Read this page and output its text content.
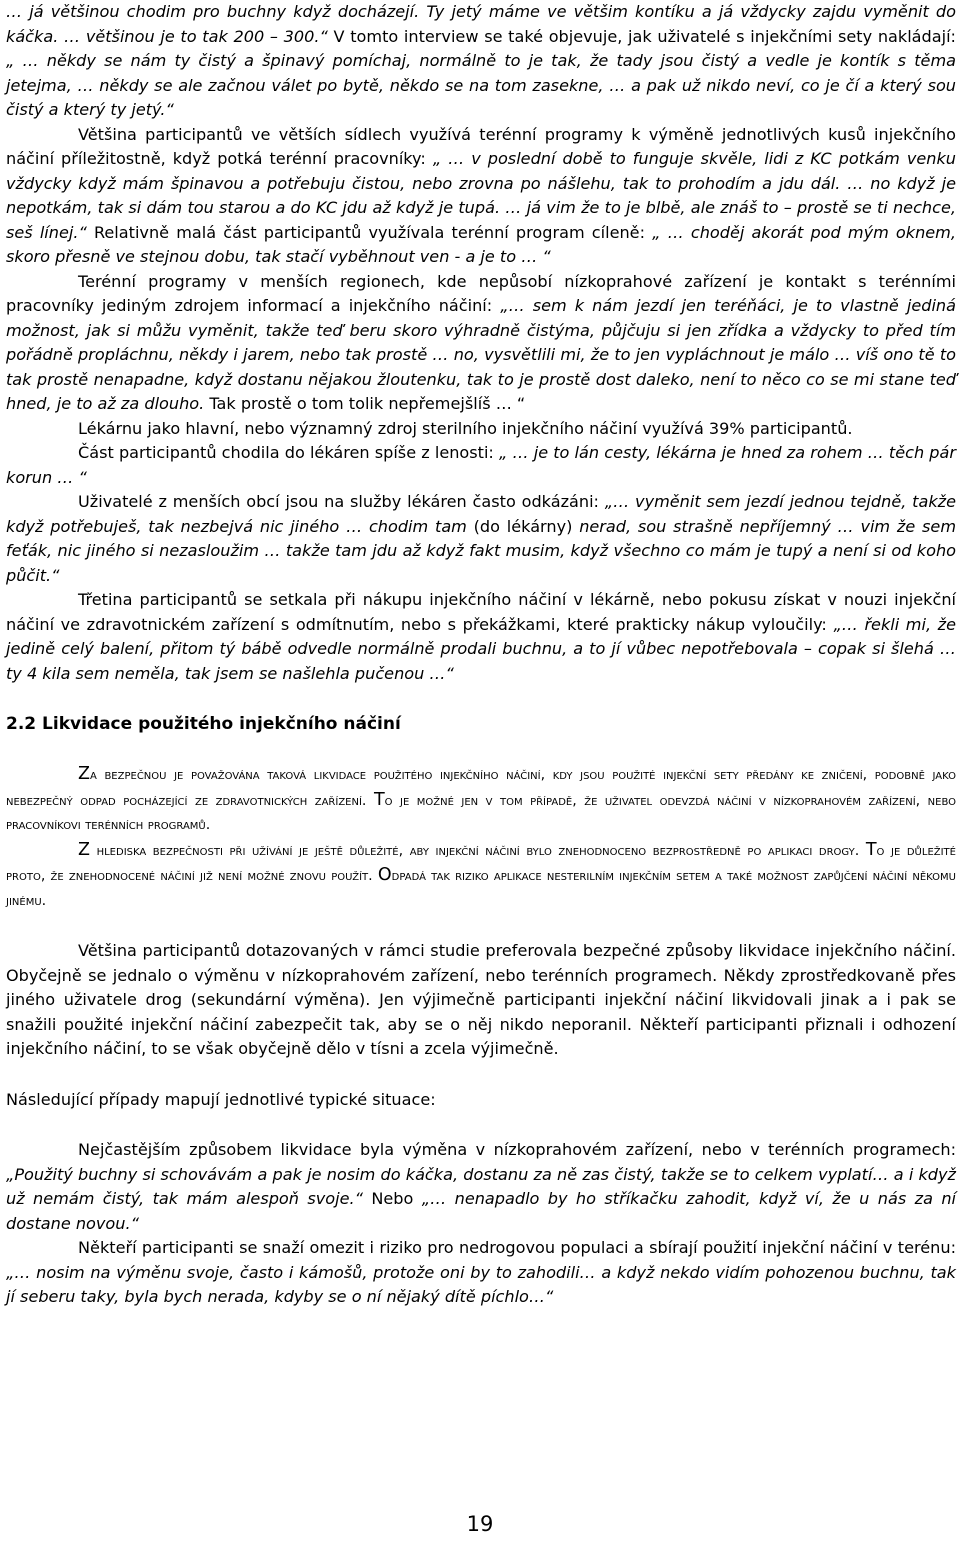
… já většinou chodim pro buchny když docházejí. Ty jetý máme ve většim kontíku a já vždycky zajdu vyměnit do káčka. … většinou je to tak 200 – 300.“ V tomto interview se také objevuje, jak uživatelé s injekčními sety nakládají: „ … někdy se nám ty čistý a špinavý pomíchaj, normálně to je tak, že tady jsou čistý a vedle je kontík s těma jetejma, … někdy se ale začnou válet po bytě, někdo se na tom zasekne, … a pak už nikdo neví, co je čí a který sou čistý a který ty jetý.“

Většina participantů ve větších sídlech využívá terénní programy k výměně jednotlivých kusů injekčního náčiní příležitostně, když potká terénní pracovníky: „ … v poslední době to funguje skvěle, lidi z KC potkám venku vždycky když mám špinavou a potřebuju čistou, nebo zrovna po nášlehu, tak to prohodím a jdu dál. … no když je nepotkám, tak si dám tou starou a do KC jdu až když je tupá. … já vim že to je blbě, ale znáš to – prostě se ti nechce, seš línej.“ Relativně malá část participantů využívala terénní program cíleně: „ … choděj akorát pod mým oknem, skoro přesně ve stejnou dobu, tak stačí vyběhnout ven - a je to … “

Terénní programy v menších regionech, kde nepůsobí nízkoprahové zařízení je kontakt s terénními pracovníky jediným zdrojem informací a injekčního náčiní: „… sem k nám jezdí jen teréňáci, je to vlastně jediná možnost, jak si můžu vyměnit, takže teď beru skoro výhradně čistýma, půjčuju si jen zřídka a vždycky to před tím pořádně propláchnu, někdy i jarem, nebo tak prostě … no, vysvětlili mi, že to jen vypláchnout je málo … víš ono tě to tak prostě nenapadne, když dostanu nějakou žloutenku, tak to je prostě dost daleko, není to něco co se mi stane teď hned, je to až za dlouho. Tak prostě o tom tolik nepřemejšlíš … “

Lékárnu jako hlavní, nebo významný zdroj sterilního injekčního náčiní využívá 39% participantů.

Část participantů chodila do lékáren spíše z lenosti: „ … je to lán cesty, lékárna je hned za rohem … těch pár korun … “

Uživatelé z menších obcí jsou na služby lékáren často odkázáni: „… vyměnit sem jezdí jednou tejdně, takže když potřebuješ, tak nezbejvá nic jiného … chodim tam (do lékárny) nerad, sou strašně nepříjemný … vim že sem feťák, nic jiného si nezasloužim … takže tam jdu až když fakt musim, když všechno co mám je tupý a není si od koho půčit.“

Třetina participantů se setkala při nákupu injekčního náčiní v lékárně, nebo pokusu získat v nouzi injekční náčiní ve zdravotnickém zařízení s odmítnutím, nebo s překážkami, které prakticky nákup vyloučily: „… řekli mi, že jedině celý balení, přitom tý bábě odvedle normálně prodali buchnu, a to jí vůbec nepotřebovala – copak si šlehá … ty 4 kila sem neměla, tak jsem se našlehla pučenou …“

2.2 Likvidace použitého injekčního náčiní

Za bezpečnou je považována taková likvidace použitého injekčního náčiní, kdy jsou použité injekční sety předány ke zničení, podobně jako nebezpečný odpad pocházející ze zdravotnických zařízení. To je možné jen v tom případě, že uživatel odevzdá náčiní v nízkoprahovém zařízení, nebo pracovníkovi terénních programů.

Z hlediska bezpečnosti při užívání je ještě důležité, aby injekční náčiní bylo znehodnoceno bezprostředně po aplikaci drogy. To je důležité proto, že znehodnocené náčiní již není možné znovu použít. Odpadá tak riziko aplikace nesterilním injekčním setem a také možnost zapůjčení náčiní někomu jinému.

Většina participantů dotazovaných v rámci studie preferovala bezpečné způsoby likvidace injekčního náčiní. Obyčejně se jednalo o výměnu v nízkoprahovém zařízení, nebo terénních programech. Někdy zprostředkovaně přes jiného uživatele drog (sekundární výměna). Jen výjimečně participanti injekční náčiní likvidovali jinak a i pak se snažili použité injekční náčiní zabezpečit tak, aby se o něj nikdo neporanil. Někteří participanti přiznali i odhození injekčního náčiní, to se však obyčejně dělo v tísni a zcela výjimečně.

Následující případy mapují jednotlivé typické situace:

Nejčastějším způsobem likvidace byla výměna v nízkoprahovém zařízení, nebo v terénních programech: „Použitý buchny si schovávám a pak je nosim do káčka, dostanu za ně zas čistý, takže se to celkem vyplatí… a i když už nemám čistý, tak mám alespoň svoje.“ Nebo „… nenapadlo by ho stříkačku zahodit, když ví, že u nás za ní dostane novou.“

Někteří participanti se snaží omezit i riziko pro nedrogovou populaci a sbírají použití injekční náčiní v terénu: „… nosim na výměnu svoje, často i kámošů, protože oni by to zahodili… a když nekdo vidím pohozenou buchnu, tak jí seberu taky, byla bych nerada, kdyby se o ní nějaký dítě píchlo…“

19
